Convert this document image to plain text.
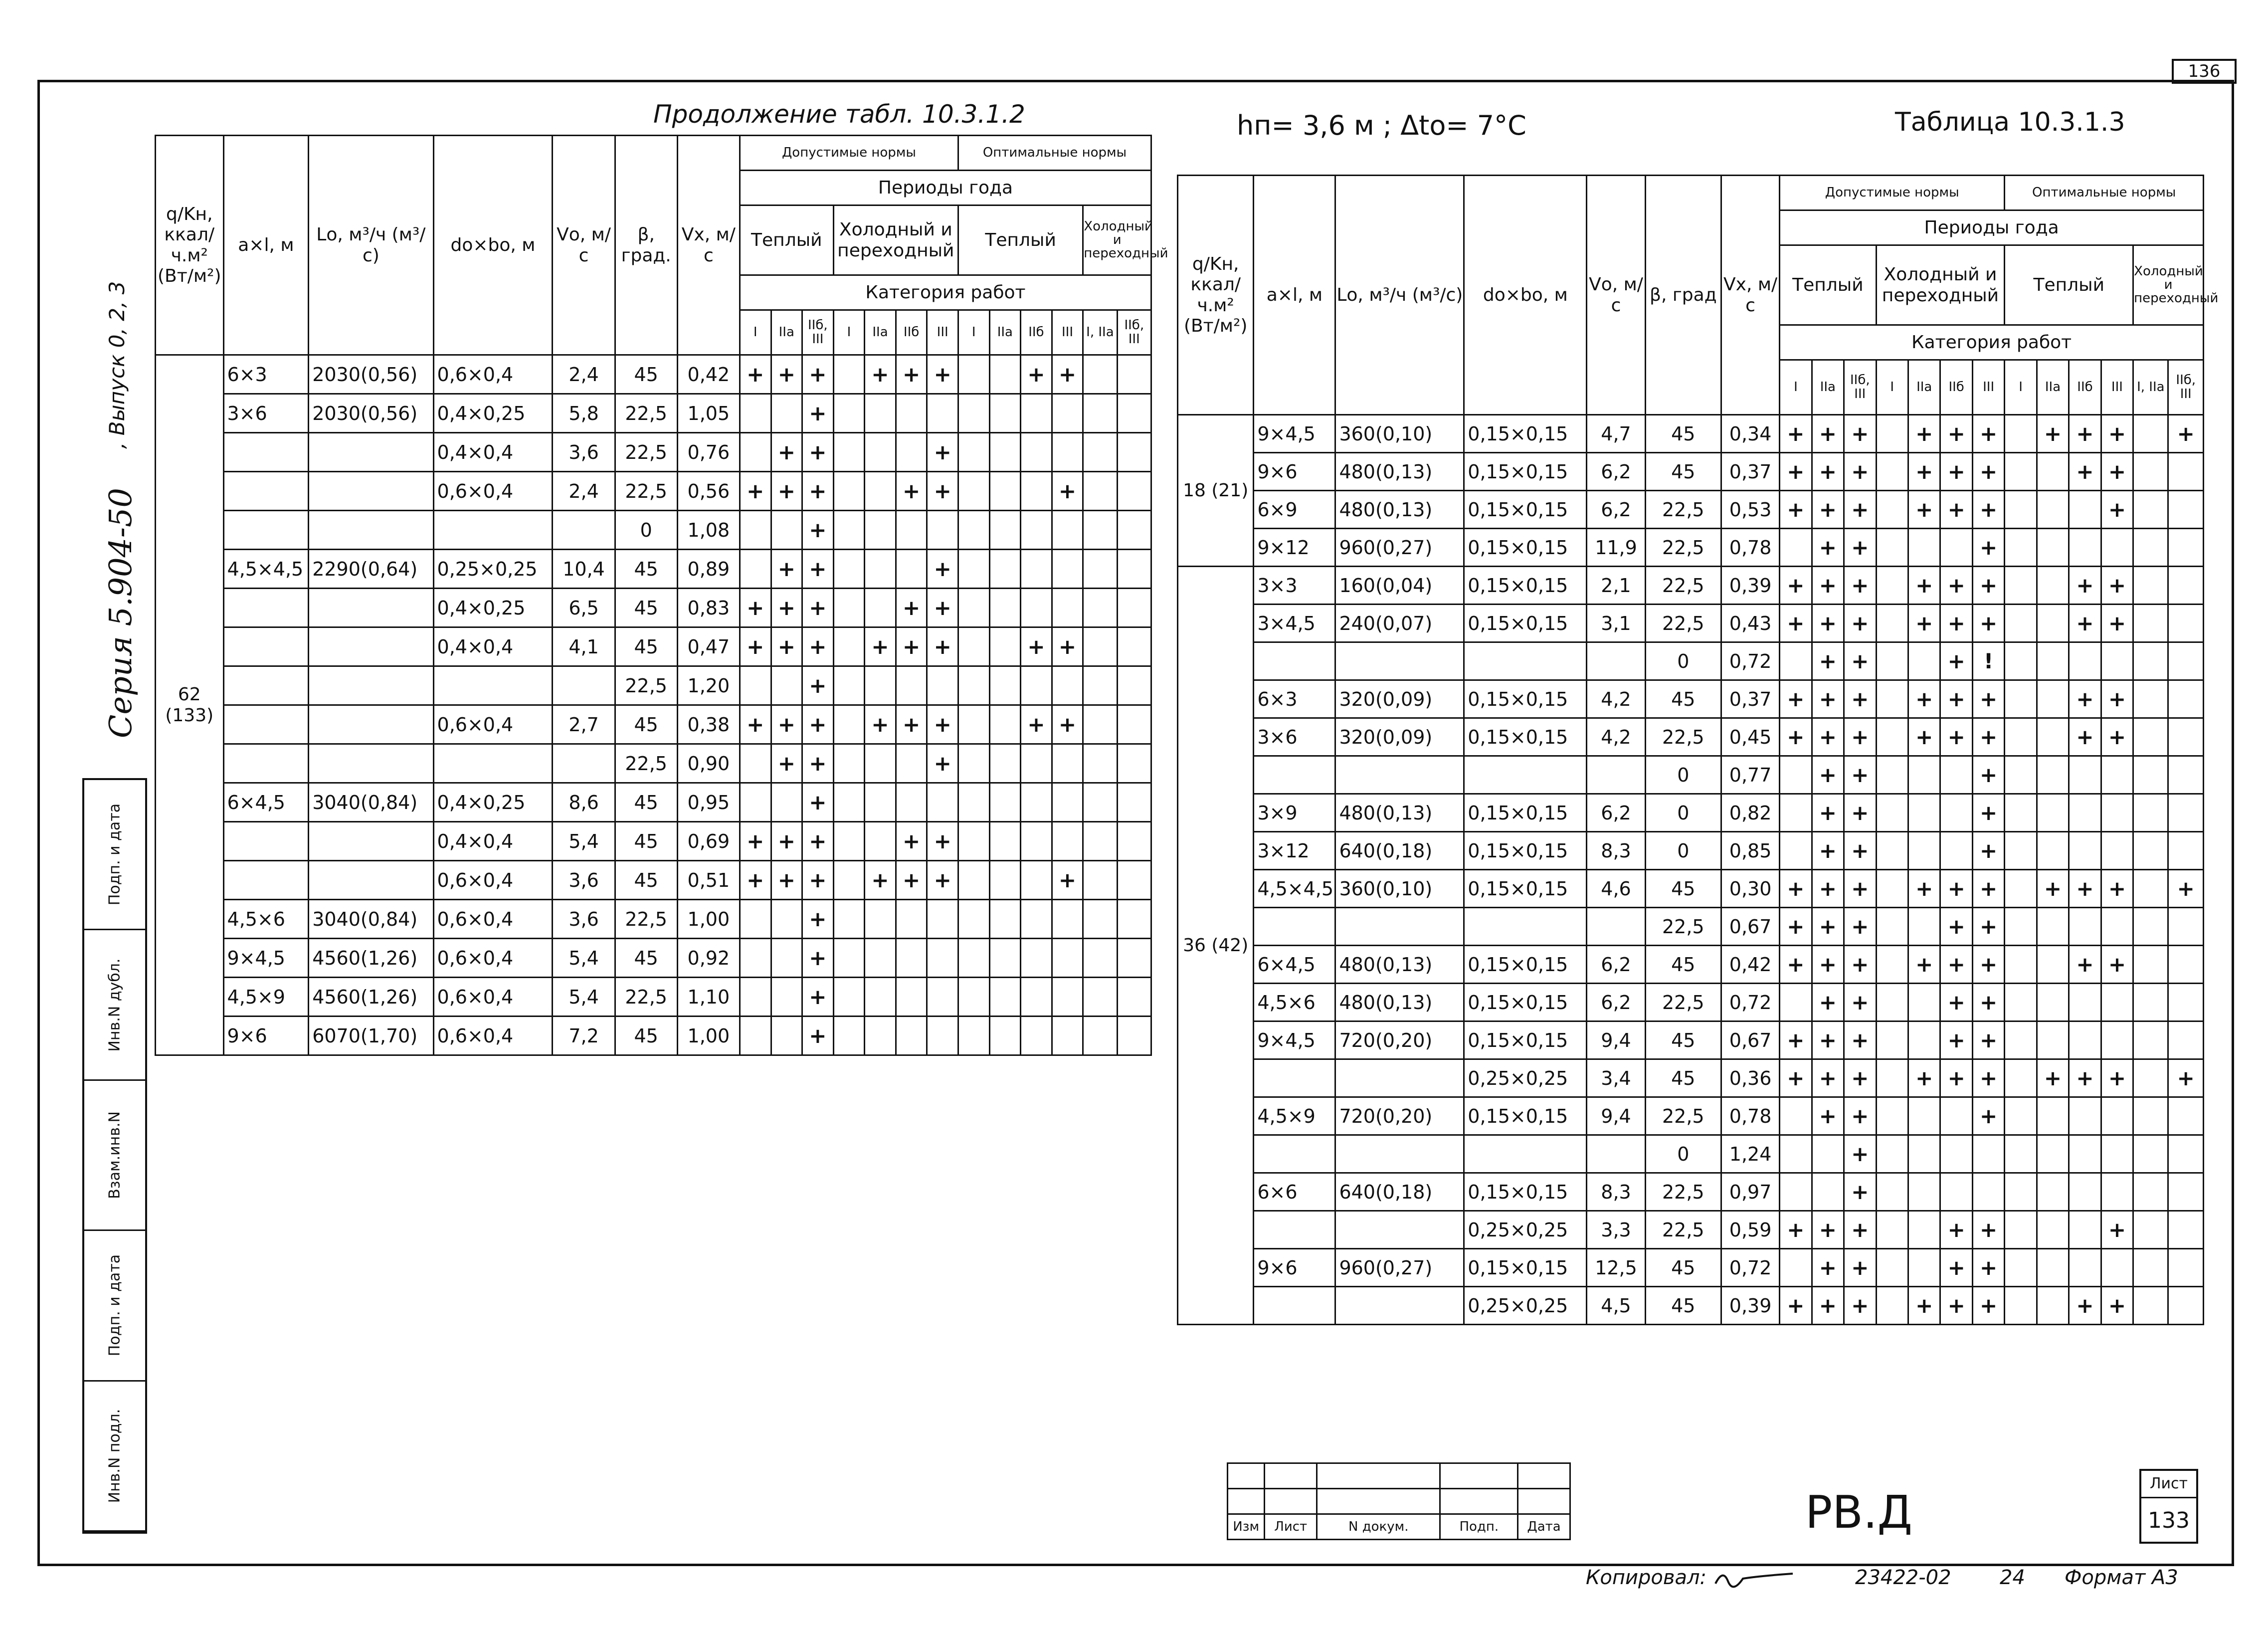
136
Серия 5.904-50
, Выпуск 0, 2, 3
Подп. и дата
Инв.N дубл.
Взам.инв.N
Подп. и дата
Инв.N подл.
Продолжение табл. 10.3.1.2	hп= 3,6 м ; Δtо= 7°С	Таблица 10.3.1.3
q/Kн, ккал/ч.м² (Вт/м²)	a×l, м	Lо, м³/ч (м³/с)	dо×bо, м	Vо, м/с	β, град.	Vх, м/с	Допустимые нормы							Оптимальные нормы					
							Периоды года												
							Теплый			Холодный и переходный				Теплый				Холодный и переходный	
							Категория работ												
							I	IIа	IIб, III	I	IIа	IIб	III	I	IIа	IIб	III	I, IIа	IIб, III
62 (133)	6×3	2030(0,56)	0,6×0,4	2,4	45	0,42	+	+	+		+	+	+			+	+		
	3×6	2030(0,56)	0,4×0,25	5,8	22,5	1,05			+										
			0,4×0,4	3,6	22,5	0,76		+	+				+						
			0,6×0,4	2,4	22,5	0,56	+	+	+			+	+				+		
					0	1,08			+										
	4,5×4,5	2290(0,64)	0,25×0,25	10,4	45	0,89		+	+				+						
			0,4×0,25	6,5	45	0,83	+	+	+			+	+						
			0,4×0,4	4,1	45	0,47	+	+	+		+	+	+			+	+		
					22,5	1,20			+										
			0,6×0,4	2,7	45	0,38	+	+	+		+	+	+			+	+		
					22,5	0,90		+	+				+						
	6×4,5	3040(0,84)	0,4×0,25	8,6	45	0,95			+										
			0,4×0,4	5,4	45	0,69	+	+	+			+	+						
			0,6×0,4	3,6	45	0,51	+	+	+		+	+	+				+		
	4,5×6	3040(0,84)	0,6×0,4	3,6	22,5	1,00			+										
	9×4,5	4560(1,26)	0,6×0,4	5,4	45	0,92			+										
	4,5×9	4560(1,26)	0,6×0,4	5,4	22,5	1,10			+										
	9×6	6070(1,70)	0,6×0,4	7,2	45	1,00			+										
q/Kн, ккал/ч.м² (Вт/м²)	a×l, м	Lо, м³/ч (м³/с)	dо×bо, м	Vо, м/с	β, град	Vх, м/с	Допустимые нормы							Оптимальные нормы					
							Периоды года												
							Теплый			Холодный и переходный				Теплый				Холодный и переходный	
							Категория работ												
							I	IIа	IIб, III	I	IIа	IIб	III	I	IIа	IIб	III	I, IIа	IIб, III
18 (21)	9×4,5	360(0,10)	0,15×0,15	4,7	45	0,34	+	+	+		+	+	+		+	+	+		+
	9×6	480(0,13)	0,15×0,15	6,2	45	0,37	+	+	+		+	+	+			+	+		
	6×9	480(0,13)	0,15×0,15	6,2	22,5	0,53	+	+	+		+	+	+				+		
	9×12	960(0,27)	0,15×0,15	11,9	22,5	0,78		+	+				+						
36 (42)	3×3	160(0,04)	0,15×0,15	2,1	22,5	0,39	+	+	+		+	+	+			+	+		
	3×4,5	240(0,07)	0,15×0,15	3,1	22,5	0,43	+	+	+		+	+	+			+	+		
					0	0,72		+	+			+	!						
	6×3	320(0,09)	0,15×0,15	4,2	45	0,37	+	+	+		+	+	+			+	+		
	3×6	320(0,09)	0,15×0,15	4,2	22,5	0,45	+	+	+		+	+	+			+	+		
					0	0,77		+	+				+						
	3×9	480(0,13)	0,15×0,15	6,2	0	0,82		+	+				+						
	3×12	640(0,18)	0,15×0,15	8,3	0	0,85		+	+				+						
	4,5×4,5	360(0,10)	0,15×0,15	4,6	45	0,30	+	+	+		+	+	+		+	+	+		+
					22,5	0,67	+	+	+			+	+						
	6×4,5	480(0,13)	0,15×0,15	6,2	45	0,42	+	+	+		+	+	+			+	+		
	4,5×6	480(0,13)	0,15×0,15	6,2	22,5	0,72		+	+			+	+						
	9×4,5	720(0,20)	0,15×0,15	9,4	45	0,67	+	+	+			+	+						
			0,25×0,25	3,4	45	0,36	+	+	+		+	+	+		+	+	+		+
	4,5×9	720(0,20)	0,15×0,15	9,4	22,5	0,78		+	+				+						
					0	1,24			+										
	6×6	640(0,18)	0,15×0,15	8,3	22,5	0,97			+										
			0,25×0,25	3,3	22,5	0,59	+	+	+			+	+				+		
	9×6	960(0,27)	0,15×0,15	12,5	45	0,72		+	+			+	+						
			0,25×0,25	4,5	45	0,39	+	+	+		+	+	+			+	+		

Изм	Лист	N докум.	Подп.	Дата	РВ.Д
Лист
133
Копировал:	23422-02 24 Формат А3
